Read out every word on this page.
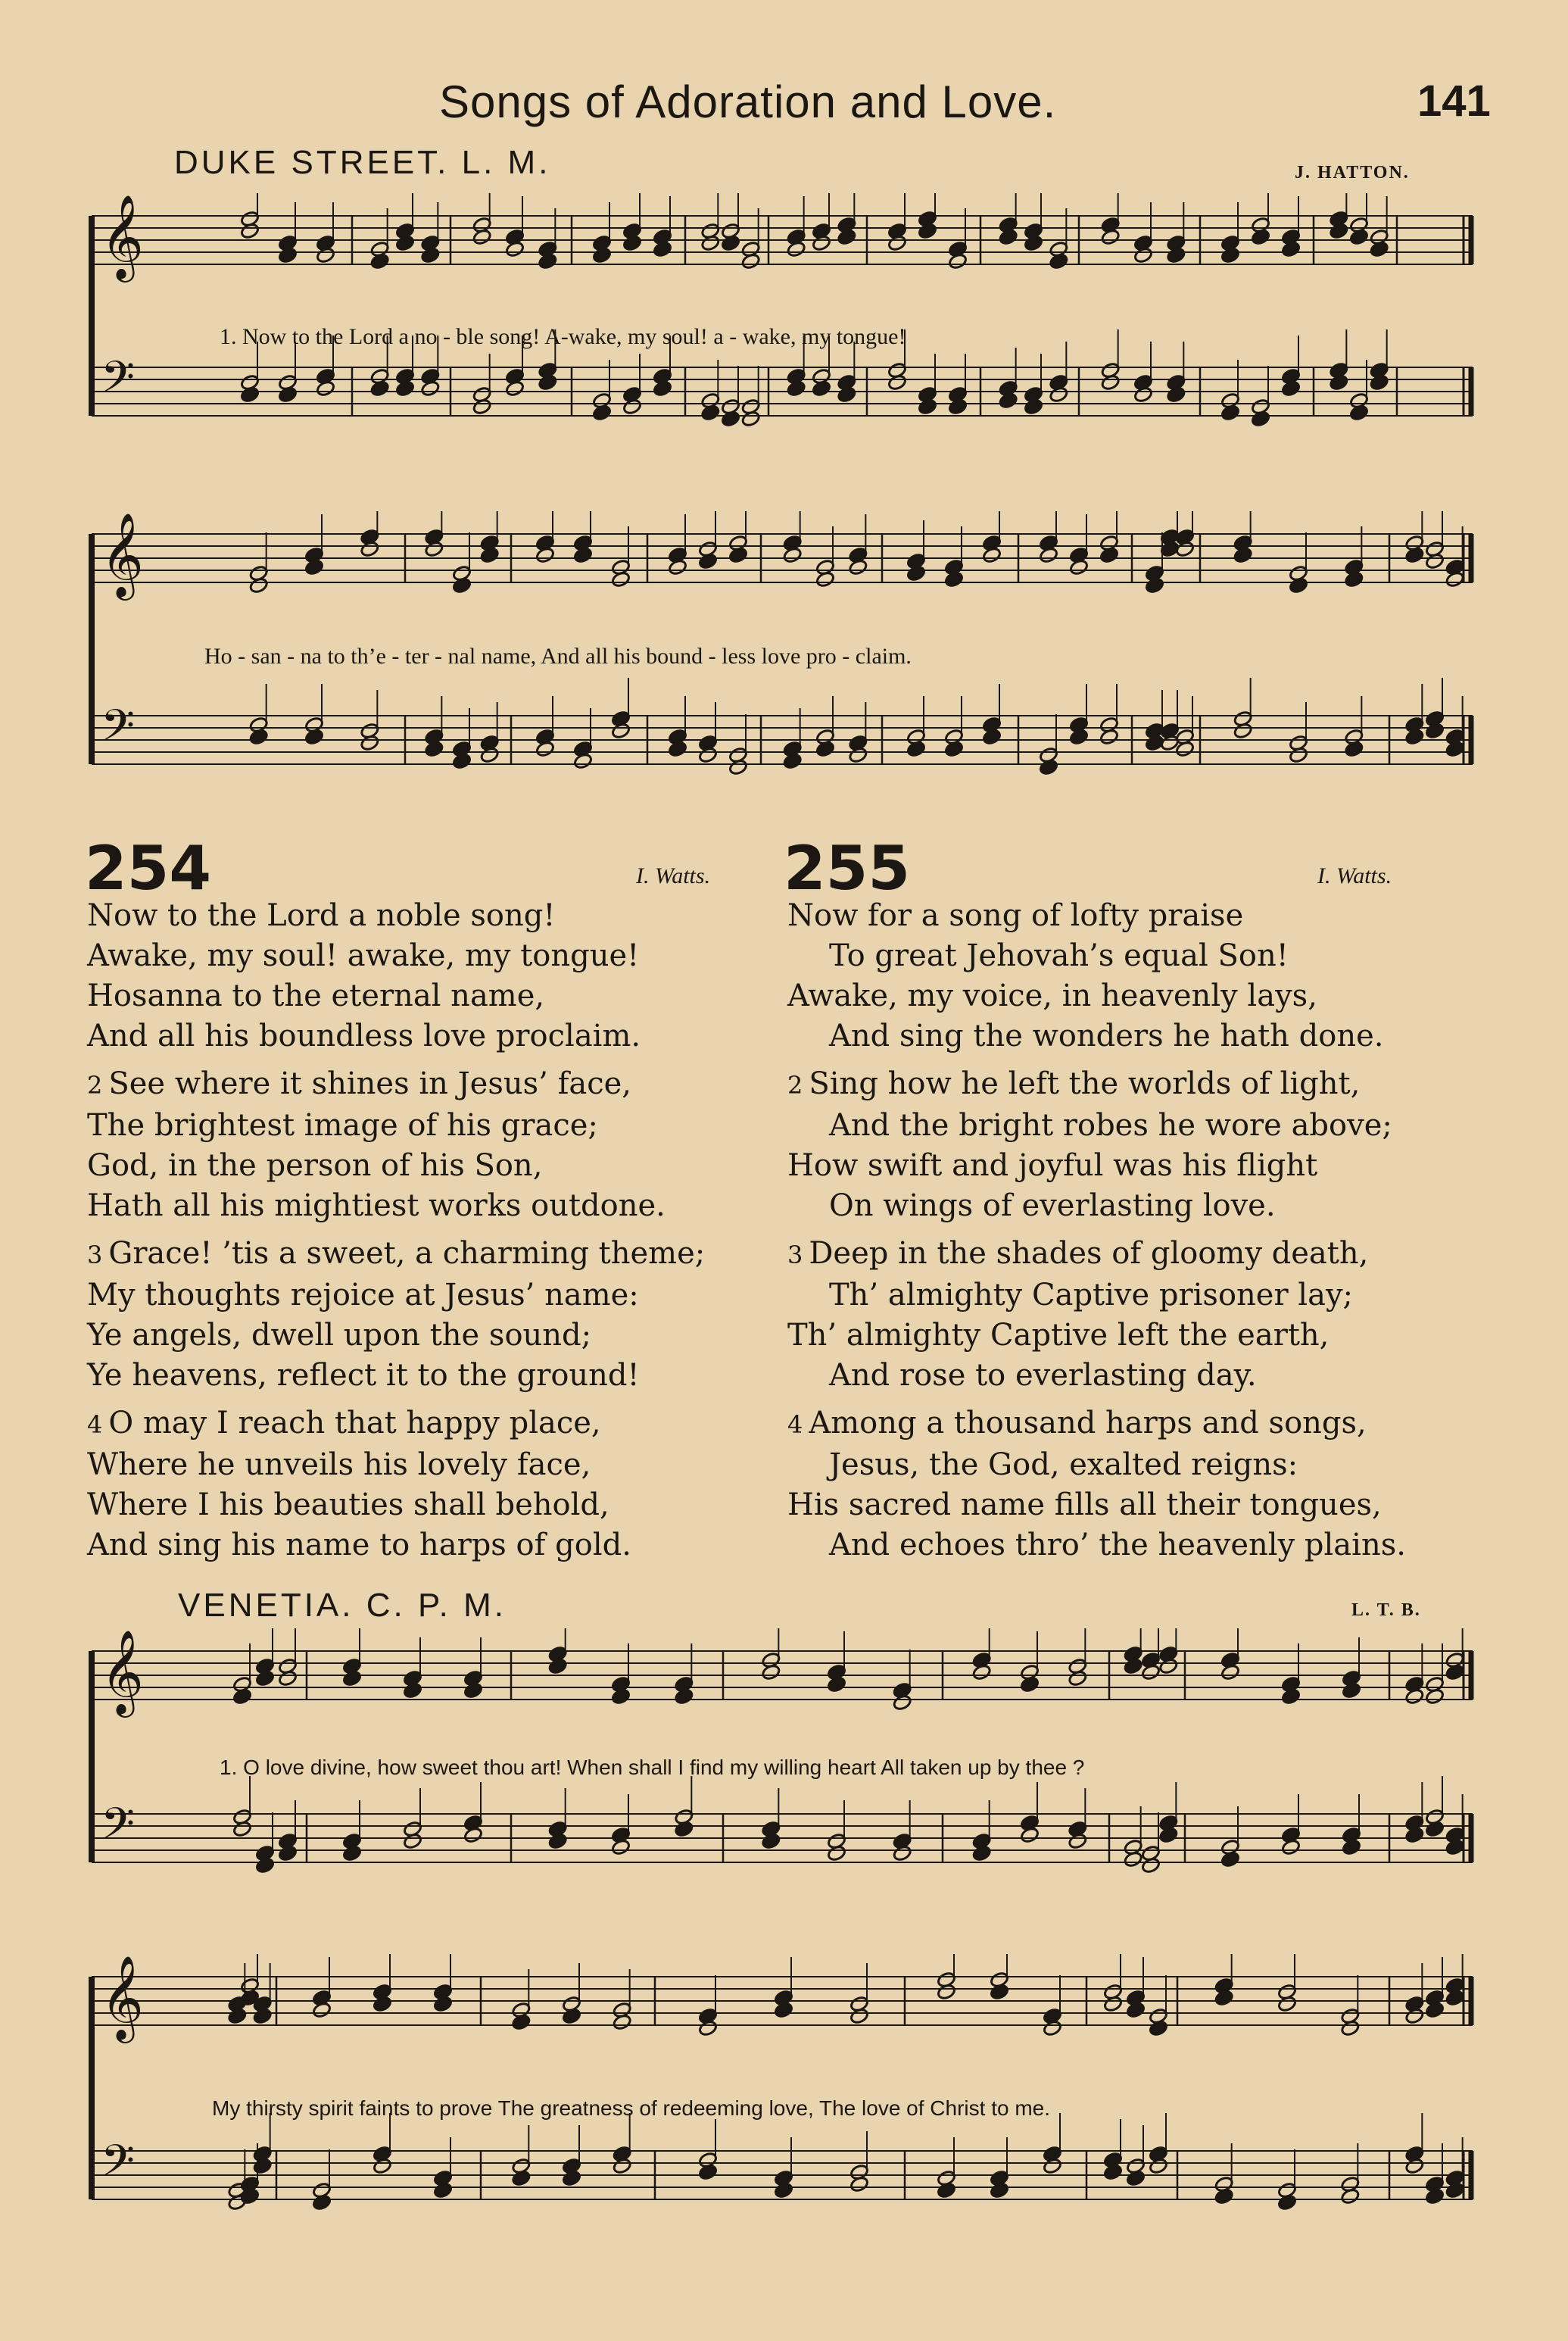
Songs of Adoration and Love.	141
DUKE STREET. L. M.	J. HATTON.
𝄞
𝄢
1. Now to the Lord a no - ble song! A-wake, my soul! a - wake, my tongue!
𝄞
𝄢
Ho - san - na to th’e - ter - nal name, And all his bound - less love pro - claim.
254	I. Watts.
Now to the Lord a noble song!
Awake, my soul! awake, my tongue!
Hosanna to the eternal name,
And all his boundless love proclaim.
2 See where it shines in Jesus’ face,
The brightest image of his grace;
God, in the person of his Son,
Hath all his mightiest works outdone.
3 Grace! ’tis a sweet, a charming theme;
My thoughts rejoice at Jesus’ name:
Ye angels, dwell upon the sound;
Ye heavens, reflect it to the ground!
4 O may I reach that happy place,
Where he unveils his lovely face,
Where I his beauties shall behold,
And sing his name to harps of gold.
255	I. Watts.
Now for a song of lofty praise
To great Jehovah’s equal Son!
Awake, my voice, in heavenly lays,
And sing the wonders he hath done.
2 Sing how he left the worlds of light,
And the bright robes he wore above;
How swift and joyful was his flight
On wings of everlasting love.
3 Deep in the shades of gloomy death,
Th’ almighty Captive prisoner lay;
Th’ almighty Captive left the earth,
And rose to everlasting day.
4 Among a thousand harps and songs,
Jesus, the God, exalted reigns:
His sacred name fills all their tongues,
And echoes thro’ the heavenly plains.
VENETIA. C. P. M.	L. T. B.
𝄞
𝄢
1. O love divine, how sweet thou art! When shall I find my willing heart All taken up by thee ?
𝄞
𝄢
My thirsty spirit faints to prove The greatness of redeeming love, The love of Christ to me.
